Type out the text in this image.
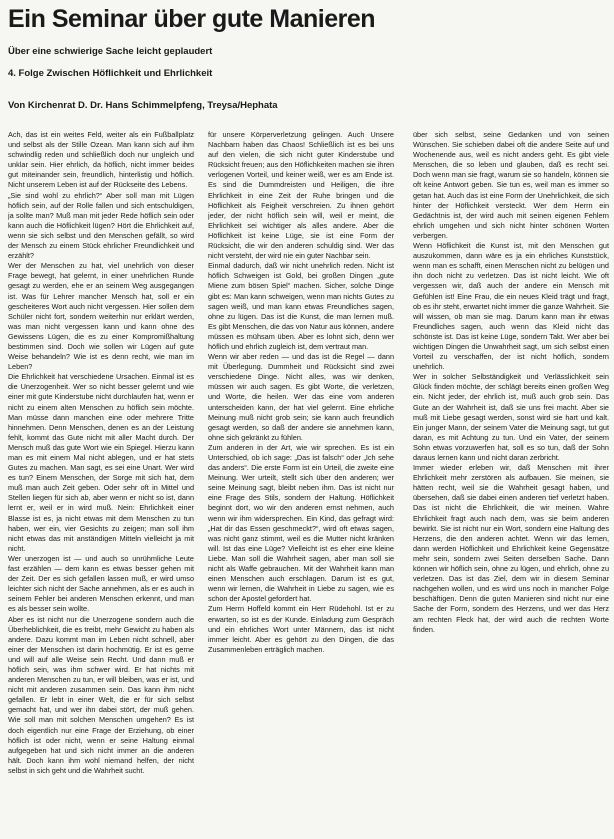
Ein Seminar über gute Manieren
Über eine schwierige Sache leicht geplaudert
4. Folge Zwischen Höflichkeit und Ehrlichkeit
Von Kirchenrat D. Dr. Hans Schimmelpfeng, Treysa/Hephata

Ach, das ist ein weites Feld, weiter als ein Fußballplatz und selbst als der Stille Ozean. Man kann sich auf ihm schwindlig reden und schließlich doch nur ungleich und unklar sein. Hier ehrlich, da höflich, nicht immer beides gut miteinander sein, freundlich, hinterlistig und höflich. Nicht unserem Leben ist auf der Rückseite des Lebens.

„Sie sind wohl zu ehrlich?“ Aber soll man mit Lügen höflich sein, auf der Rolle fallen und sich entschuldigen, ja sollte man? Muß man mit jeder Rede höflich sein oder kann auch die Höflichkeit lügen? Hört die Ehrlichkeit auf, wenn sie sich selbst und den Menschen gefällt, so wird der Mensch zu einem Stück ehrlicher Freundlichkeit und erzählt?

Wer der Menschen zu hat, viel unehrlich von dieser Frage bewegt, hat gelernt, in einer unehrlichen Runde gesagt zu werden, ehe er an seinem Weg ausgegangen ist. Was für Lehrer mancher Mensch hat, soll er ein gescheiteres Wort auch nicht vergessen. Hier sollen dem Schüler nicht fort, sondern weiterhin nur erklärt werden, was man nicht vergessen kann und kann ohne des Gewissens Lügen, die es zu einer Kompromißhaltung bestimmen sind. Doch wie sollen wir Lügen auf gute Weise behandeln? Wie ist es denn recht, wie man im Leben?

Die Ehrlichkeit hat verschiedene Ursachen. Einmal ist es die Unerzogenheit. Wer so nicht besser gelernt und wie einer mit gute Kinderstube nicht durchlaufen hat, wenn er nicht zu einem alten Menschen zu höflich sein möchte. Man müsse dann manchen eine oder mehrere Tritte hinnehmen. Denn Menschen, denen es an der Leistung fehlt, kommt das Gute nicht mit aller Macht durch. Der Mensch muß das gute Wort wie ein Spiegel. Hierzu kann man es mit einem Mal nicht ablegen, und er hat stets Gutes zu machen. Man sagt, es sei eine Unart. Wer wird es tun? Einem Menschen, der Sorge mit sich hat, dem muß man auch Zeit geben. Oder sehr oft in Mittel und Stellen liegen für sich ab, aber wenn er nicht so ist, dann lernt er, weil er in wird muß. Nein: Ehrlichkeit einer Blasse ist es, ja nicht etwas mit dem Menschen zu tun haben, wer ein, vier Gesichts zu zeigen; man soll ihm nicht etwas das mit anständigen Mitteln vielleicht ja mit nicht.

Wer unerzogen ist — und auch so unrühmliche Leute fast erzählen — dem kann es etwas besser gehen mit der Zeit. Der es sich gefallen lassen muß, er wird umso leichter sich nicht der Sache annehmen, als er es auch in seinem Fehler bei anderen Menschen erkennt, und man es als besser sein wollte.

Aber es ist nicht nur die Unerzogene sondern auch die Überheblichkeit, die es treibt, mehr Gewicht zu haben als andere. Dazu kommt man im Leben nicht schnell, aber einer der Menschen ist darin hochmütig. Er ist es gerne und will auf alle Weise sein Recht. Und dann muß er höflich sein, was ihm schwer wird. Er hat nichts mit anderen Menschen zu tun, er will bleiben, was er ist, und nicht mit anderen zusammen sein. Das kann ihm nicht gefallen. Er lebt in einer Welt, die er für sich selbst gemacht hat, und wer ihn dabei stört, der muß gehen. Wie soll man mit solchen Menschen umgehen? Es ist doch eigentlich nur eine Frage der Erziehung, ob einer höflich ist oder nicht, wenn er seine Haltung einmal aufgegeben hat und sich nicht immer an die anderen hält. Doch kann ihm wohl niemand helfen, der nicht selbst in sich geht und die Wahrheit sucht.

für unsere Körperverletzung gelingen. Auch Unsere Nachbarn haben das Chaos! Schließlich ist es bei uns auf den vielen, die sich nicht guter Kinderstube und Rücksicht freuen; aus den Höflichkeiten machen sie ihren verlogenen Vorteil, und keiner weiß, wer es am Ende ist. Es sind die Dummdreisten und Heiligen, die ihre Ehrlichkeit in eine Zeit der Ruhe bringen und die Höflichkeit als Feigheit verschreien. Zu ihnen gehört jeder, der nicht höflich sein will, weil er meint, die Ehrlichkeit sei wichtiger als alles andere. Aber die Höflichkeit ist keine Lüge, sie ist eine Form der Rücksicht, die wir den anderen schuldig sind. Wer das nicht versteht, der wird nie ein guter Nachbar sein.

Einmal dadurch, daß wir nicht unehrlich reden. Nicht ist höflich Schweigen ist Gold, bei großen Dingen „gute Miene zum bösen Spiel“ machen. Sicher, solche Dinge gibt es: Man kann schweigen, wenn man nichts Gutes zu sagen weiß, und man kann etwas Freundliches sagen, ohne zu lügen. Das ist die Kunst, die man lernen muß. Es gibt Menschen, die das von Natur aus können, andere müssen es mühsam üben. Aber es lohnt sich, denn wer höflich und ehrlich zugleich ist, dem vertraut man.

Wenn wir aber reden — und das ist die Regel — dann mit Überlegung. Dummheit und Rücksicht sind zwei verschiedene Dinge. Nicht alles, was wir denken, müssen wir auch sagen. Es gibt Worte, die verletzen, und Worte, die heilen. Wer das eine vom anderen unterscheiden kann, der hat viel gelernt. Eine ehrliche Meinung muß nicht grob sein; sie kann auch freundlich gesagt werden, so daß der andere sie annehmen kann, ohne sich gekränkt zu fühlen.

Zum anderen in der Art, wie wir sprechen. Es ist ein Unterschied, ob ich sage: „Das ist falsch“ oder „Ich sehe das anders“. Die erste Form ist ein Urteil, die zweite eine Meinung. Wer urteilt, stellt sich über den anderen; wer seine Meinung sagt, bleibt neben ihm. Das ist nicht nur eine Frage des Stils, sondern der Haltung. Höflichkeit beginnt dort, wo wir den anderen ernst nehmen, auch wenn wir ihm widersprechen. Ein Kind, das gefragt wird: „Hat dir das Essen geschmeckt?“, wird oft etwas sagen, was nicht ganz stimmt, weil es die Mutter nicht kränken will. Ist das eine Lüge? Vielleicht ist es eher eine kleine Liebe. Man soll die Wahrheit sagen, aber man soll sie nicht als Waffe gebrauchen. Mit der Wahrheit kann man einen Menschen auch erschlagen. Darum ist es gut, wenn wir lernen, die Wahrheit in Liebe zu sagen, wie es schon der Apostel gefordert hat.

Zum Herrn Hoffeld kommt ein Herr Rüdehohl. Ist er zu erwarten, so ist es der Kunde. Einladung zum Gespräch und ein ehrliches Wort unter Männern, das ist nicht immer leicht. Aber es gehört zu den Dingen, die das Zusammenleben erträglich machen.

über sich selbst, seine Gedanken und von seinen Wünschen. Sie schieben dabei oft die andere Seite auf und Wochenende aus, weil es nicht anders geht. Es gibt viele Menschen, die so leben und glauben, daß es recht sei. Doch wenn man sie fragt, warum sie so handeln, können sie oft keine Antwort geben. Sie tun es, weil man es immer so getan hat. Auch das ist eine Form der Unehrlichkeit, die sich hinter der Höflichkeit versteckt. Wer dem Herrn ein Gedächtnis ist, der wird auch mit seinen eigenen Fehlern ehrlich umgehen und sich nicht hinter schönen Worten verbergen.

Wenn Höflichkeit die Kunst ist, mit den Menschen gut auszukommen, dann wäre es ja ein ehrliches Kunststück, wenn man es schafft, einen Menschen nicht zu belügen und ihn doch nicht zu verletzen. Das ist nicht leicht. Wie oft vergessen wir, daß auch der andere ein Mensch mit Gefühlen ist! Eine Frau, die ein neues Kleid trägt und fragt, ob es ihr steht, erwartet nicht immer die ganze Wahrheit. Sie will wissen, ob man sie mag. Darum kann man ihr etwas Freundliches sagen, auch wenn das Kleid nicht das schönste ist. Das ist keine Lüge, sondern Takt. Wer aber bei wichtigen Dingen die Unwahrheit sagt, um sich selbst einen Vorteil zu verschaffen, der ist nicht höflich, sondern unehrlich.

Wer in solcher Selbständigkeit und Verlässlichkeit sein Glück finden möchte, der schlägt bereits einen großen Weg ein. Nicht jeder, der ehrlich ist, muß auch grob sein. Das Gute an der Wahrheit ist, daß sie uns frei macht. Aber sie muß mit Liebe gesagt werden, sonst wird sie hart und kalt. Ein junger Mann, der seinem Vater die Meinung sagt, tut gut daran, es mit Achtung zu tun. Und ein Vater, der seinem Sohn etwas vorzuwerfen hat, soll es so tun, daß der Sohn daraus lernen kann und nicht daran zerbricht.

Immer wieder erleben wir, daß Menschen mit ihrer Ehrlichkeit mehr zerstören als aufbauen. Sie meinen, sie hätten recht, weil sie die Wahrheit gesagt haben, und übersehen, daß sie dabei einen anderen tief verletzt haben. Das ist nicht die Ehrlichkeit, die wir meinen. Wahre Ehrlichkeit fragt auch nach dem, was sie beim anderen bewirkt. Sie ist nicht nur ein Wort, sondern eine Haltung des Herzens, die den anderen achtet. Wenn wir das lernen, dann werden Höflichkeit und Ehrlichkeit keine Gegensätze mehr sein, sondern zwei Seiten derselben Sache. Dann können wir höflich sein, ohne zu lügen, und ehrlich, ohne zu verletzen. Das ist das Ziel, dem wir in diesem Seminar nachgehen wollen, und es wird uns noch in mancher Folge beschäftigen. Denn die guten Manieren sind nicht nur eine Sache der Form, sondern des Herzens, und wer das Herz am rechten Fleck hat, der wird auch die rechten Worte finden.
